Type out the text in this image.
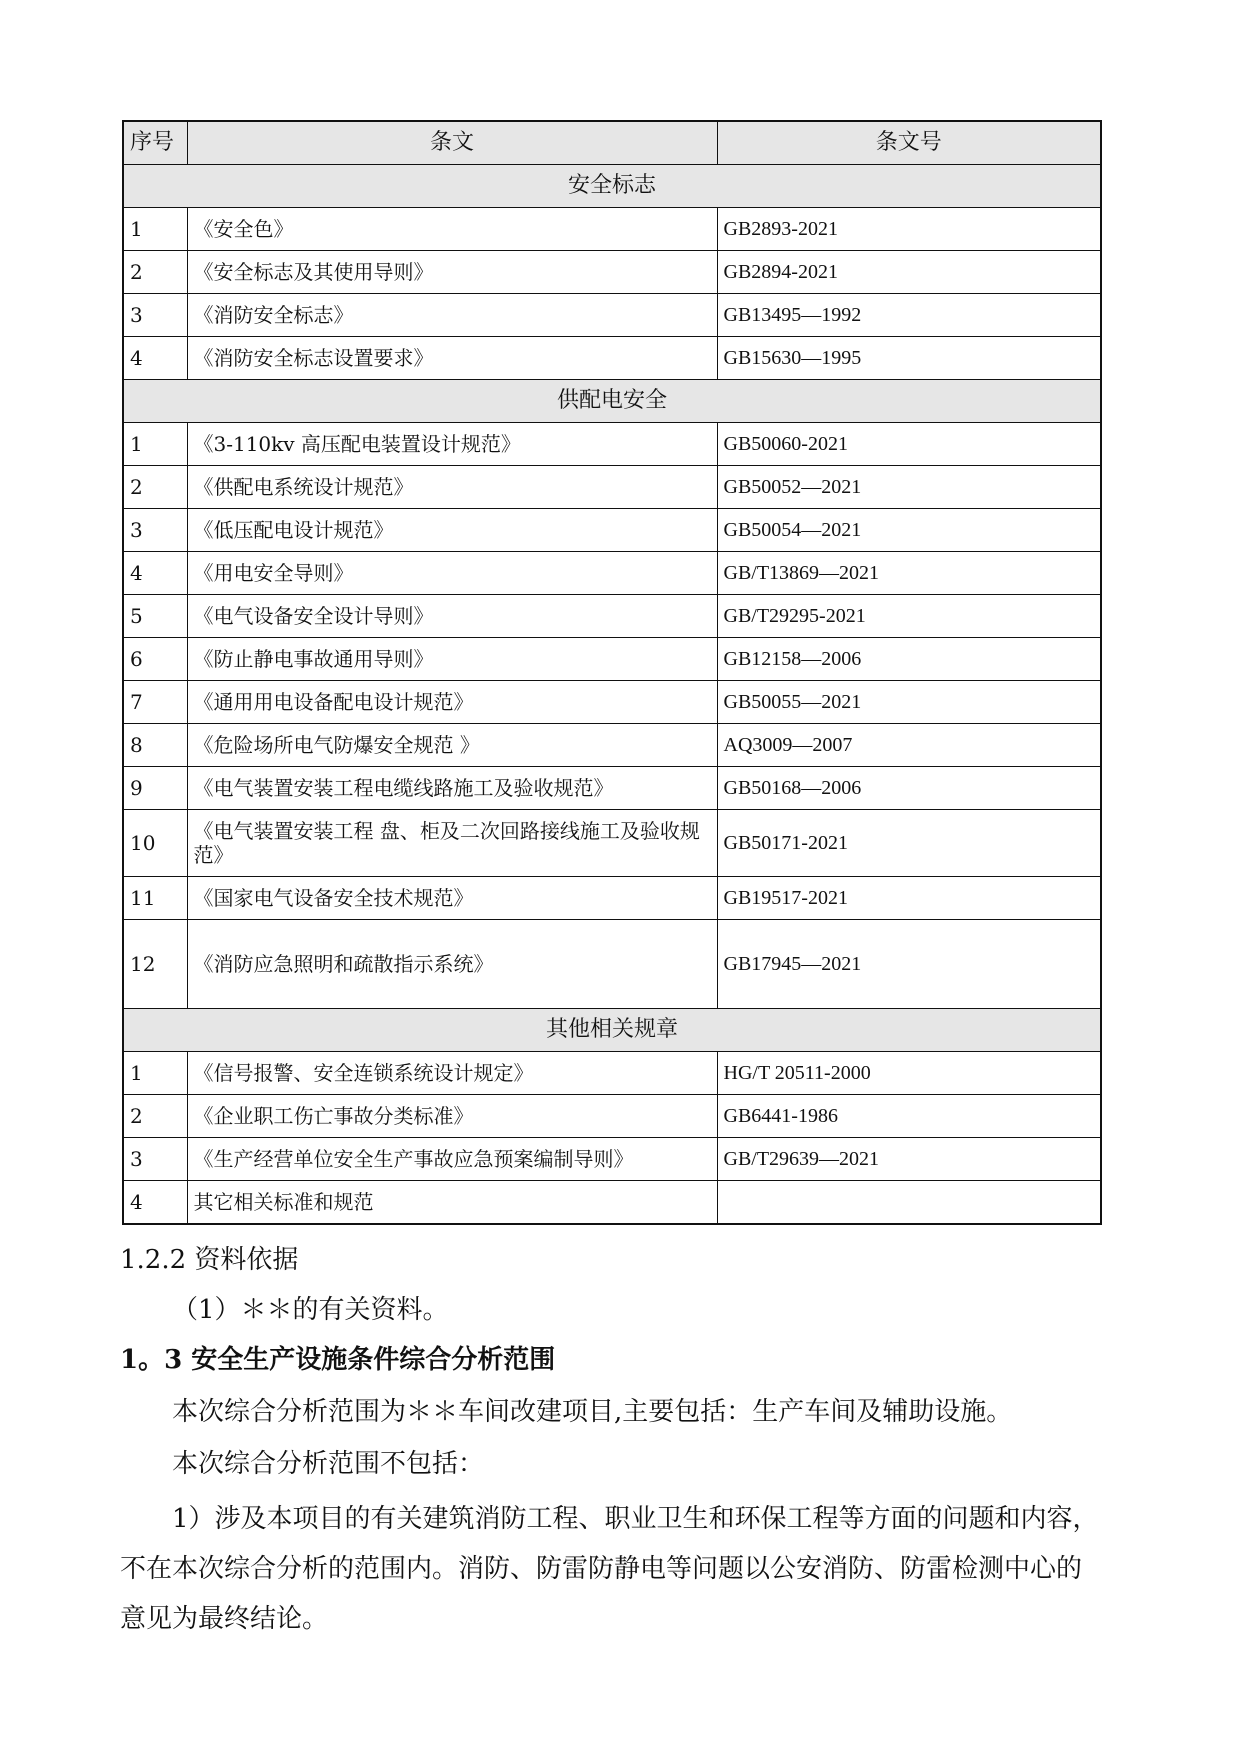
序号	条文	条文号
安全标志		
1	《安全色》	GB2893-2021
2	《安全标志及其使用导则》	GB2894-2021
3	《消防安全标志》	GB13495—1992
4	《消防安全标志设置要求》	GB15630—1995
供配电安全		
1	《3-110kv 高压配电装置设计规范》	GB50060-2021
2	《供配电系统设计规范》	GB50052—2021
3	《低压配电设计规范》	GB50054—2021
4	《用电安全导则》	GB/T13869—2021
5	《电气设备安全设计导则》	GB/T29295-2021
6	《防止静电事故通用导则》	GB12158—2006
7	《通用用电设备配电设计规范》	GB50055—2021
8	《危险场所电气防爆安全规范 》	AQ3009—2007
9	《电气装置安装工程电缆线路施工及验收规范》	GB50168—2006
10	《电气装置安装工程 盘、柜及二次回路接线施工及验收规范》	GB50171-2021
11	《国家电气设备安全技术规范》	GB19517-2021
12	《消防应急照明和疏散指示系统》	GB17945—2021
其他相关规章		
1	《信号报警、安全连锁系统设计规定》	HG/T 20511-2000
2	《企业职工伤亡事故分类标准》	GB6441-1986
3	《生产经营单位安全生产事故应急预案编制导则》	GB/T29639—2021
4	其它相关标准和规范	

1.2.2 资料依据

（1）＊＊的有关资料。

1。3 安全生产设施条件综合分析范围

本次综合分析范围为＊＊车间改建项目,主要包括：生产车间及辅助设施。

本次综合分析范围不包括：

1）涉及本项目的有关建筑消防工程、职业卫生和环保工程等方面的问题和内容，不在本次综合分析的范围内。消防、防雷防静电等问题以公安消防、防雷检测中心的意见为最终结论。
